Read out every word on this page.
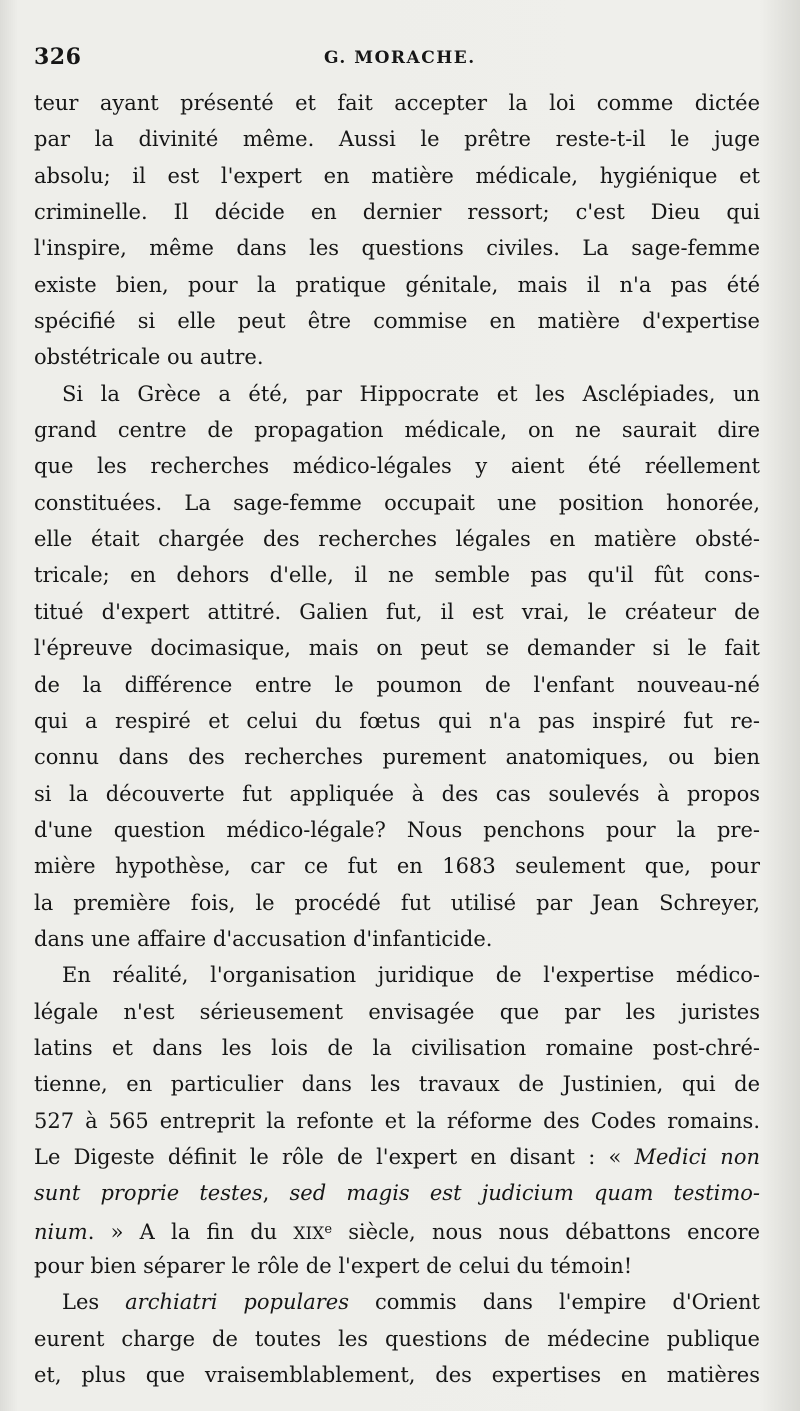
326	G. MORACHE.
teur ayant présenté et fait accepter la loi comme dictée
par la divinité même. Aussi le prêtre reste-t-il le juge
absolu; il est l'expert en matière médicale, hygiénique et
criminelle. Il décide en dernier ressort; c'est Dieu qui
l'inspire, même dans les questions civiles. La sage-femme
existe bien, pour la pratique génitale, mais il n'a pas été
spécifié si elle peut être commise en matière d'expertise
obstétricale ou autre.
Si la Grèce a été, par Hippocrate et les Asclépiades, un
grand centre de propagation médicale, on ne saurait dire
que les recherches médico-légales y aient été réellement
constituées. La sage-femme occupait une position honorée,
elle était chargée des recherches légales en matière obsté-
tricale; en dehors d'elle, il ne semble pas qu'il fût cons-
titué d'expert attitré. Galien fut, il est vrai, le créateur de
l'épreuve docimasique, mais on peut se demander si le fait
de la différence entre le poumon de l'enfant nouveau-né
qui a respiré et celui du fœtus qui n'a pas inspiré fut re-
connu dans des recherches purement anatomiques, ou bien
si la découverte fut appliquée à des cas soulevés à propos
d'une question médico-légale? Nous penchons pour la pre-
mière hypothèse, car ce fut en 1683 seulement que, pour
la première fois, le procédé fut utilisé par Jean Schreyer,
dans une affaire d'accusation d'infanticide.
En réalité, l'organisation juridique de l'expertise médico-
légale n'est sérieusement envisagée que par les juristes
latins et dans les lois de la civilisation romaine post-chré-
tienne, en particulier dans les travaux de Justinien, qui de
527 à 565 entreprit la refonte et la réforme des Codes romains.
Le Digeste définit le rôle de l'expert en disant : « Medici non
sunt proprie testes, sed magis est judicium quam testimo-
nium. » A la fin du XIXe siècle, nous nous débattons encore
pour bien séparer le rôle de l'expert de celui du témoin!
Les archiatri populares commis dans l'empire d'Orient
eurent charge de toutes les questions de médecine publique
et, plus que vraisemblablement, des expertises en matières
